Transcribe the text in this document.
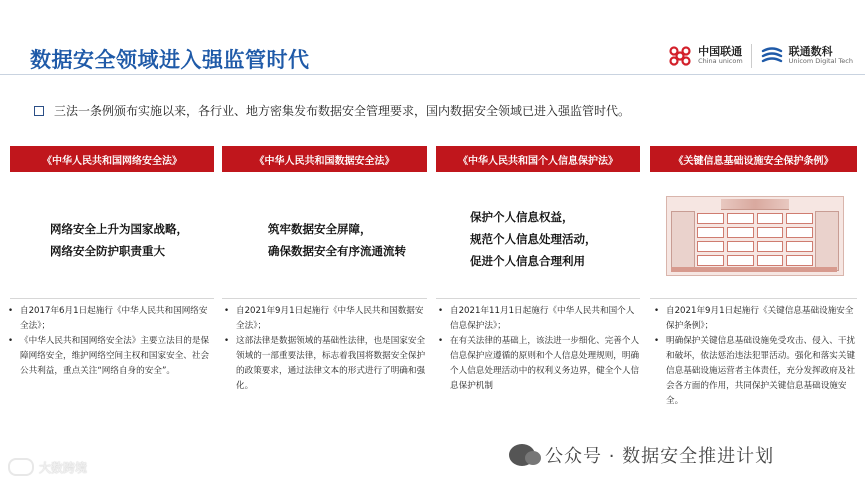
数据安全领域进入强监管时代	中国联通
China unicom
联通数科
Unicom Digital Tech
三法一条例颁布实施以来，各行业、地方密集发布数据安全管理要求，国内数据安全领域已进入强监管时代。
《中华人民共和国网络安全法》	《中华人民共和国数据安全法》	《中华人民共和国个人信息保护法》	《关键信息基础设施安全保护条例》
网络安全上升为国家战略，
网络安全防护职责重大
筑牢数据安全屏障，
确保数据安全有序流通流转
保护个人信息权益，
规范个人信息处理活动，
促进个人信息合理利用
• 自2017年6月1日起施行《中华人民共和国网络安全法》；
• 《中华人民共和国网络安全法》主要立法目的是保障网络安全，维护网络空间主权和国家安全、社会公共利益，重点关注“网络自身的安全”。
• 自2021年9月1日起施行《中华人民共和国数据安全法》；
• 这部法律是数据领域的基础性法律，也是国家安全领域的一部重要法律，标志着我国将数据安全保护的政策要求，通过法律文本的形式进行了明确和强化。
• 自2021年11月1日起施行《中华人民共和国个人信息保护法》；
• 在有关法律的基础上，该法进一步细化、完善个人信息保护应遵循的原则和个人信息处理规则，明确个人信息处理活动中的权利义务边界，健全个人信息保护机制
• 自2021年9月1日起施行《关键信息基础设施安全保护条例》；
• 明确保护关键信息基础设施免受攻击、侵入、干扰和破坏，依法惩治违法犯罪活动。强化和落实关键信息基础设施运营者主体责任，充分发挥政府及社会各方面的作用，共同保护关键信息基础设施安全。
公众号 · 数据安全推进计划
大数跨境
